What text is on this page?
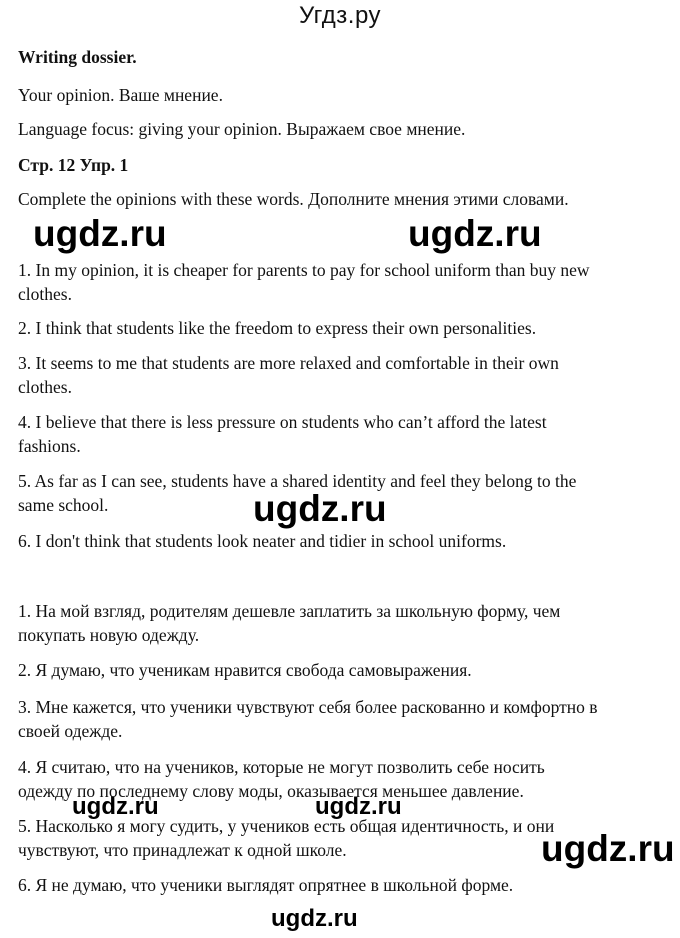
Угдз.ру
Writing dossier.
Your opinion. Ваше мнение.
Language focus: giving your opinion. Выражаем свое мнение.
Стр. 12 Упр. 1
Complete the opinions with these words. Дополните мнения этими словами.
1. In my opinion, it is cheaper for parents to pay for school uniform than buy new
clothes.
2. I think that students like the freedom to express their own personalities.
3. It seems to me that students are more relaxed and comfortable in their own
clothes.
4. I believe that there is less pressure on students who can’t afford the latest
fashions.
5. As far as I can see, students have a shared identity and feel they belong to the
same school.
6. I don't think that students look neater and tidier in school uniforms.
1. На мой взгляд, родителям дешевле заплатить за школьную форму, чем
покупать новую одежду.
2. Я думаю, что ученикам нравится свобода самовыражения.
3. Мне кажется, что ученики чувствуют себя более раскованно и комфортно в
своей одежде.
4. Я считаю, что на учеников, которые не могут позволить себе носить
одежду по последнему слову моды, оказывается меньшее давление.
5. Насколько я могу судить, у учеников есть общая идентичность, и они
чувствуют, что принадлежат к одной школе.
6. Я не думаю, что ученики выглядят опрятнее в школьной форме.
ugdz.ru	ugdz.ru
ugdz.ru
ugdz.ru	ugdz.ru
ugdz.ru
ugdz.ru
